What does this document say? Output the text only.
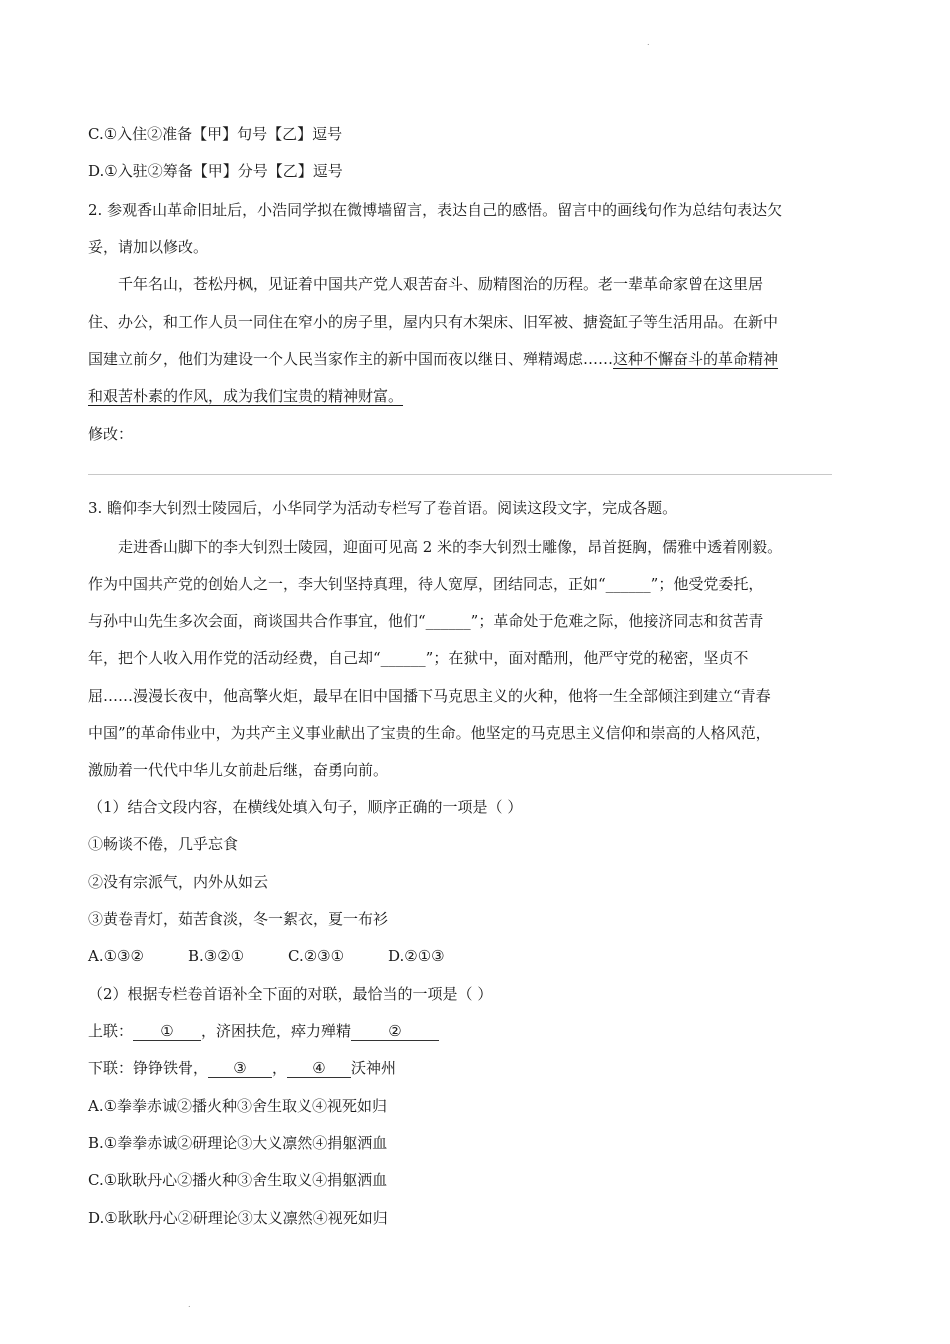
.
C.①入住②准备【甲】句号【乙】逗号
D.①入驻②筹备【甲】分号【乙】逗号
2. 参观香山革命旧址后，小浩同学拟在微博墙留言，表达自己的感悟。留言中的画线句作为总结句表达欠
妥，请加以修改。
千年名山，苍松丹枫，见证着中国共产党人艰苦奋斗、励精图治的历程。老一辈革命家曾在这里居
住、办公，和工作人员一同住在窄小的房子里，屋内只有木架床、旧军被、搪瓷缸子等生活用品。在新中
国建立前夕，他们为建设一个人民当家作主的新中国而夜以继日、殚精竭虑……这种不懈奋斗的革命精神
和艰苦朴素的作风，成为我们宝贵的精神财富。
修改：
3. 瞻仰李大钊烈士陵园后，小华同学为活动专栏写了卷首语。阅读这段文字，完成各题。
走进香山脚下的李大钊烈士陵园，迎面可见高 2 米的李大钊烈士雕像，昂首挺胸，儒雅中透着刚毅。
作为中国共产党的创始人之一，李大钊坚持真理，待人宽厚，团结同志，正如“______”；他受党委托，
与孙中山先生多次会面，商谈国共合作事宜，他们“______”；革命处于危难之际，他接济同志和贫苦青
年，把个人收入用作党的活动经费，自己却“______”；在狱中，面对酷刑，他严守党的秘密，坚贞不
屈……漫漫长夜中，他高擎火炬，最早在旧中国播下马克思主义的火种，他将一生全部倾注到建立“青春
中国”的革命伟业中，为共产主义事业献出了宝贵的生命。他坚定的马克思主义信仰和崇高的人格风范，
激励着一代代中华儿女前赴后继，奋勇向前。
（1）结合文段内容，在横线处填入句子，顺序正确的一项是（ ）
①畅谈不倦，几乎忘食
②没有宗派气，内外从如云
③黄卷青灯，茹苦食淡，冬一絮衣，夏一布衫
A.①③②	B.③②①	C.②③①	D.②①③
（2）根据专栏卷首语补全下面的对联，最恰当的一项是（ ）
上联： ① ，济困扶危，瘁力殚精 ②
下联：铮铮铁骨， ③ ， ④ 沃神州
A.①拳拳赤诚②播火种③舍生取义④视死如归
B.①拳拳赤诚②研理论③大义凛然④捐躯洒血
C.①耿耿丹心②播火种③舍生取义④捐躯洒血
D.①耿耿丹心②研理论③太义凛然④视死如归
.
